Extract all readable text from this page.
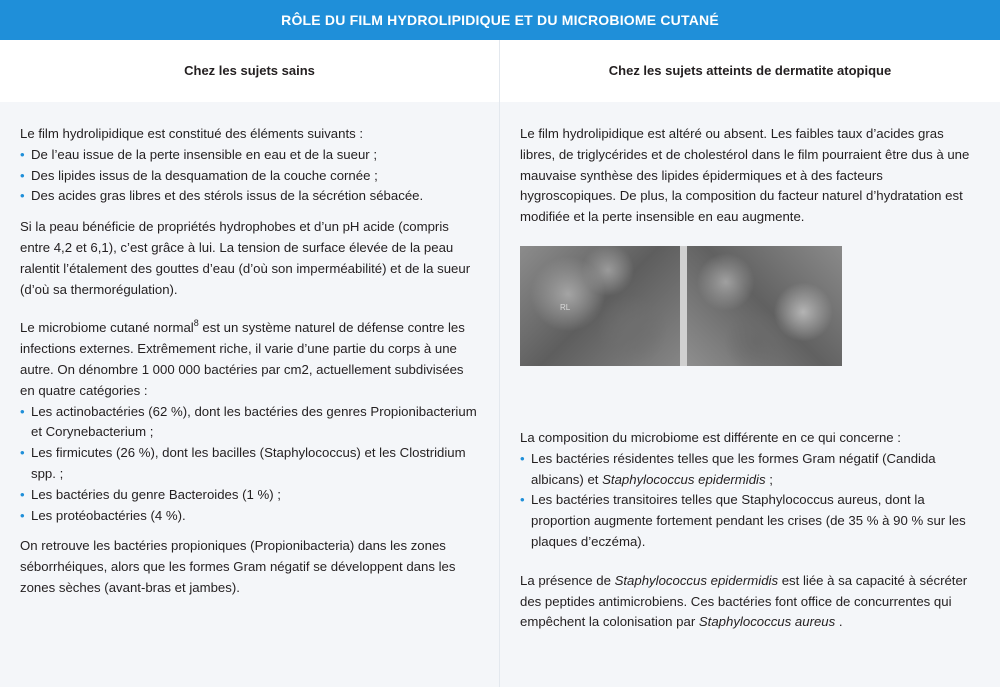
RÔLE DU FILM HYDROLIPIDIQUE ET DU MICROBIOME CUTANÉ
Chez les sujets sains

Le film hydrolipidique est constitué des éléments suivants :

• De l’eau issue de la perte insensible en eau et de la sueur ;
• Des lipides issus de la desquamation de la couche cornée ;
• Des acides gras libres et des stérols issus de la sécrétion sébacée.

Si la peau bénéficie de propriétés hydrophobes et d’un pH acide (compris entre 4,2 et 6,1), c’est grâce à lui. La tension de surface élevée de la peau ralentit l’étalement des gouttes d’eau (d’où son imperméabilité) et de la sueur (d’où sa thermorégulation).

Le microbiome cutané normal$^8$ est un système naturel de défense contre les infections externes. Extrêmement riche, il varie d’une partie du corps à une autre. On dénombre 1 000 000 bactéries par cm2, actuellement subdivisées en quatre catégories :

• Les actinobactéries (62 %), dont les bactéries des genres Propionibacterium et Corynebacterium ;
• Les firmicutes (26 %), dont les bacilles (Staphylococcus) et les Clostridium spp. ;
• Les bactéries du genre Bacteroides (1 %) ;
• Les protéobactéries (4 %).

On retrouve les bactéries propioniques (Propionibacteria) dans les zones séborrhéiques, alors que les formes Gram négatif se développent dans les zones sèches (avant-bras et jambes).

Chez les sujets atteints de dermatite atopique

Le film hydrolipidique est altéré ou absent. Les faibles taux d’acides gras libres, de triglycérides et de cholestérol dans le film pourraient être dus à une mauvaise synthèse des lipides épidermiques et à des facteurs hygroscopiques. De plus, la composition du facteur naturel d’hydratation est modifiée et la perte insensible en eau augmente.

$_{RL}$

La composition du microbiome est différente en ce qui concerne :

• Les bactéries résidentes telles que les formes Gram négatif (Candida albicans) et Staphylococcus epidermidis ;
• Les bactéries transitoires telles que Staphylococcus aureus, dont la proportion augmente fortement pendant les crises (de 35 % à 90 % sur les plaques d’eczéma).

La présence de Staphylococcus epidermidis est liée à sa capacité à sécréter des peptides antimicrobiens. Ces bactéries font office de concurrentes qui empêchent la colonisation par Staphylococcus aureus .
